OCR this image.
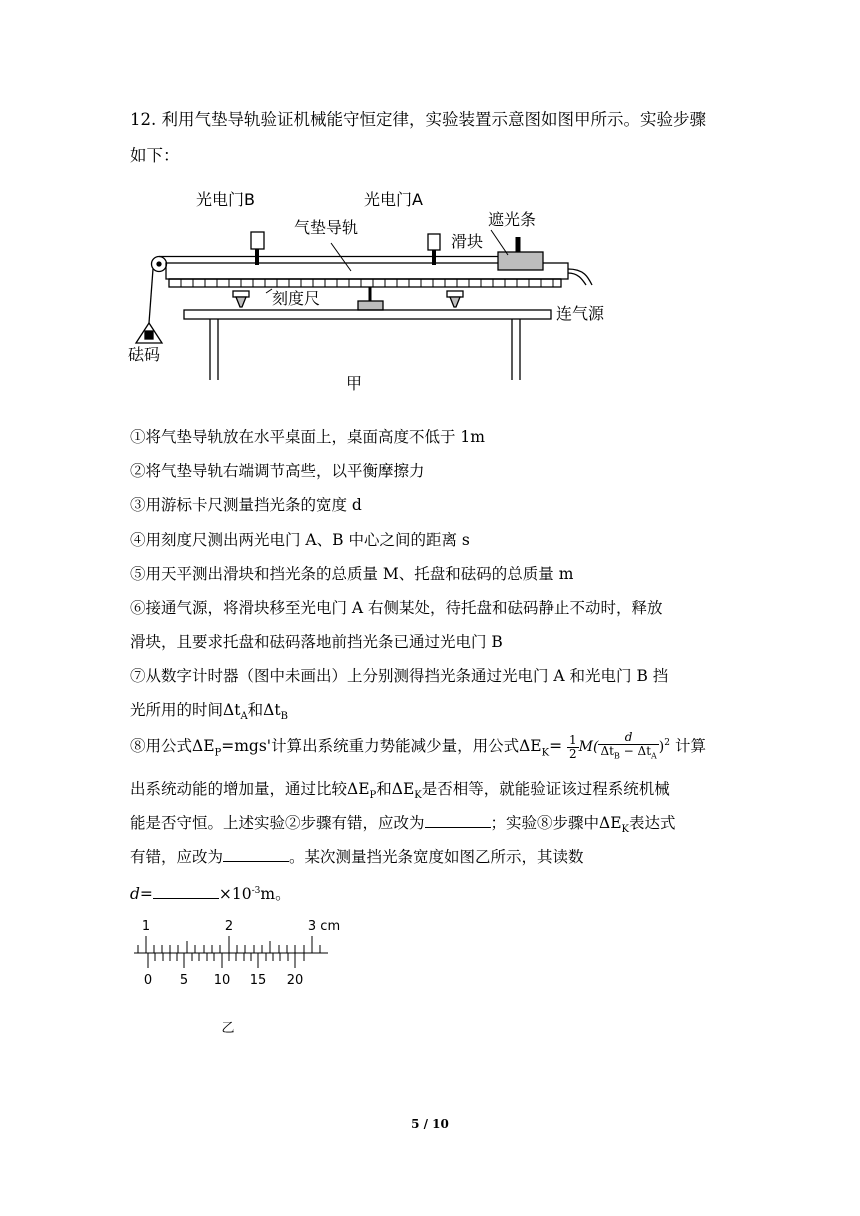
12. 利用气垫导轨验证机械能守恒定律，实验装置示意图如图甲所示。实验步骤
如下：
光电门B	光电门A
气垫导轨	遮光条
滑块
刻度尺
连气源
砝码
甲
①将气垫导轨放在水平桌面上，桌面高度不低于 1m
②将气垫导轨右端调节高些，以平衡摩擦力
③用游标卡尺测量挡光条的宽度 d
④用刻度尺测出两光电门 A、B 中心之间的距离 s
⑤用天平测出滑块和挡光条的总质量 M、托盘和砝码的总质量 m
⑥接通气源，将滑块移至光电门 A 右侧某处，待托盘和砝码静止不动时，释放
滑块，且要求托盘和砝码落地前挡光条已通过光电门 B
⑦从数字计时器（图中未画出）上分别测得挡光条通过光电门 A 和光电门 B 挡
光所用的时间$\Delta t_A$和$\Delta t_B$
⑧用公式$\Delta E_P=mgs'$计算出系统重力势能减少量，用公式$\Delta E_K= \frac{1}{2} M( \frac{d}{\Delta t_B - \Delta t_A} )^2$ 计算
出系统动能的增加量，通过比较$\Delta E_P$和$\Delta E_K$是否相等，就能验证该过程系统机械
能是否守恒。上述实验②步骤有错，应改为	；实验⑧步骤中$\Delta E_K$表达式
有错，应改为	。某次测量挡光条宽度如图乙所示，其读数
d=	$\times 10^{-3}m$。
1	2	3 cm
0 5 10 15 20
乙
5 / 10
